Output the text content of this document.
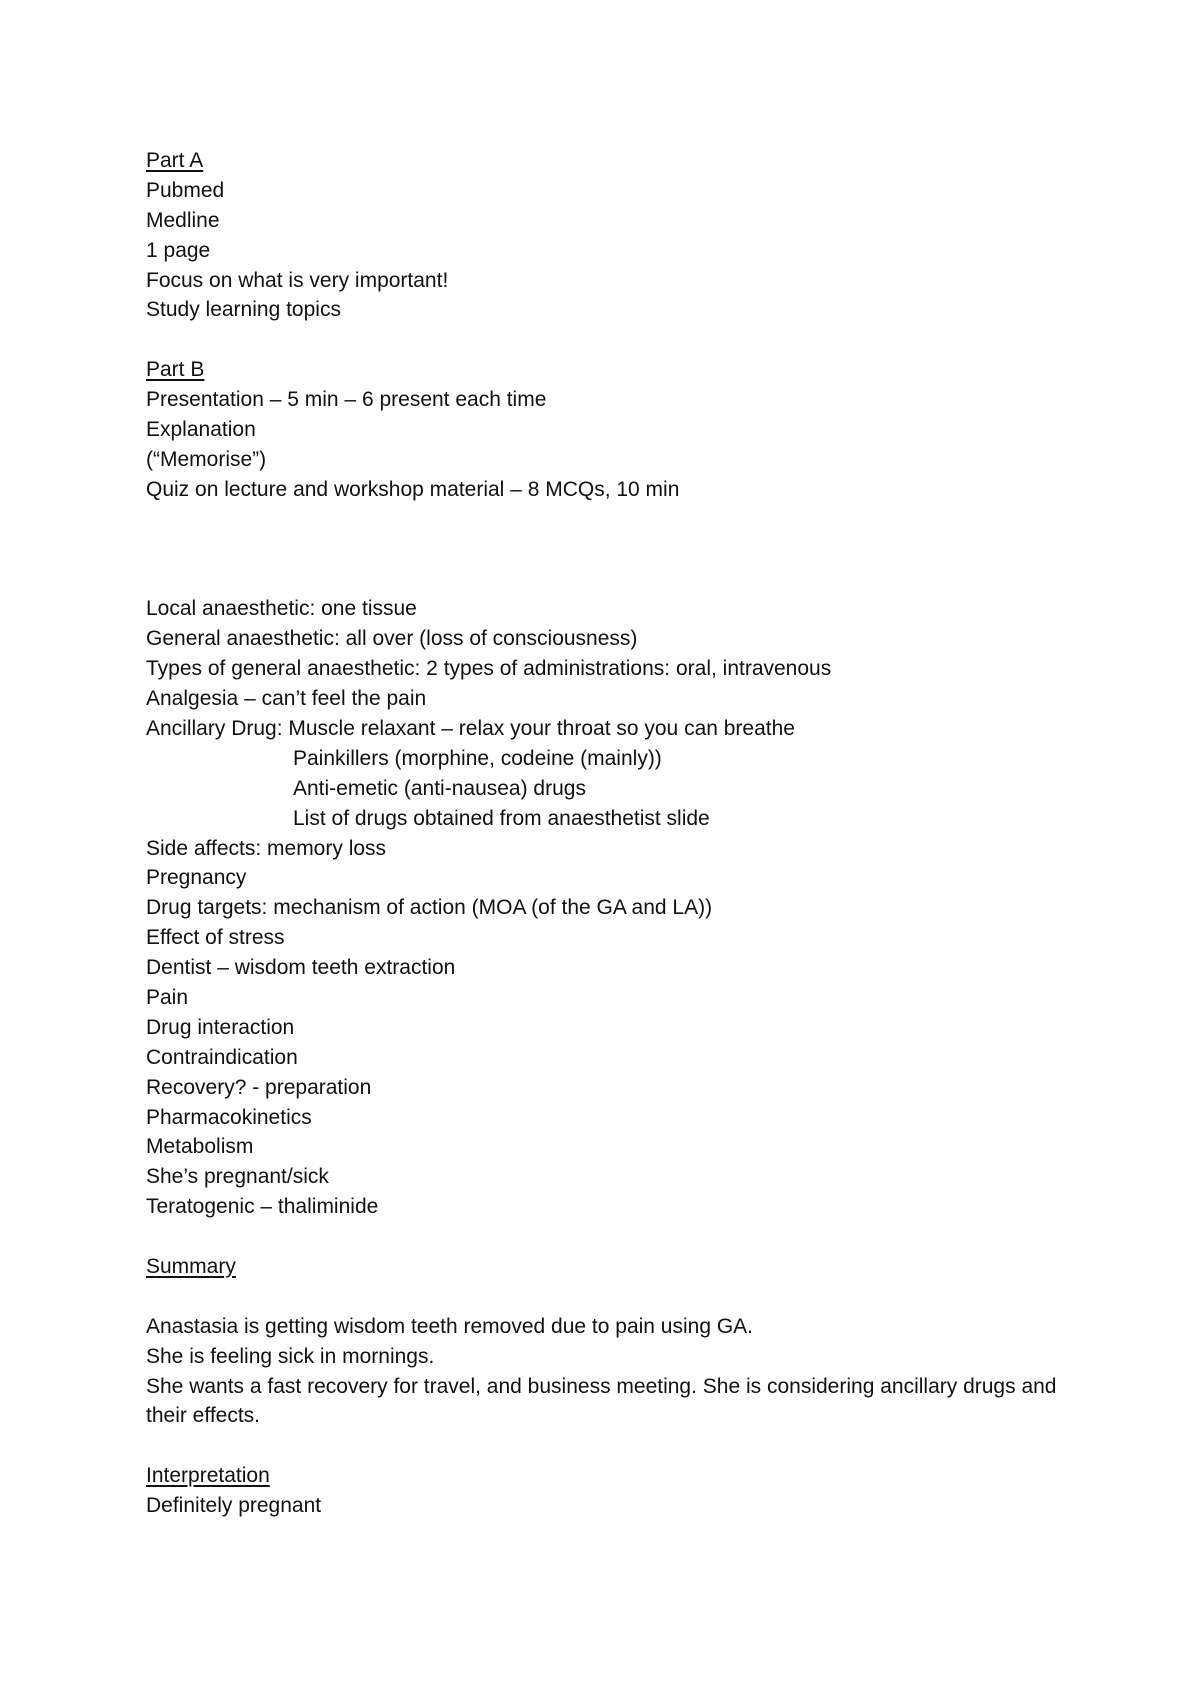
Part A
Pubmed
Medline
1 page
Focus on what is very important!
Study learning topics
Part B
Presentation – 5 min – 6 present each time
Explanation
(“Memorise”)
Quiz on lecture and workshop material – 8 MCQs, 10 min
Local anaesthetic: one tissue
General anaesthetic: all over (loss of consciousness)
Types of general anaesthetic: 2 types of administrations: oral, intravenous
Analgesia – can’t feel the pain
Ancillary Drug: Muscle relaxant – relax your throat so you can breathe
Painkillers (morphine, codeine (mainly))
Anti-emetic (anti-nausea) drugs
List of drugs obtained from anaesthetist slide
Side affects: memory loss
Pregnancy
Drug targets: mechanism of action (MOA (of the GA and LA))
Effect of stress
Dentist – wisdom teeth extraction
Pain
Drug interaction
Contraindication
Recovery? - preparation
Pharmacokinetics
Metabolism
She’s pregnant/sick
Teratogenic – thaliminide
Summary
Anastasia is getting wisdom teeth removed due to pain using GA.
She is feeling sick in mornings.
She wants a fast recovery for travel, and business meeting. She is considering ancillary drugs and their effects.
Interpretation
Definitely pregnant
